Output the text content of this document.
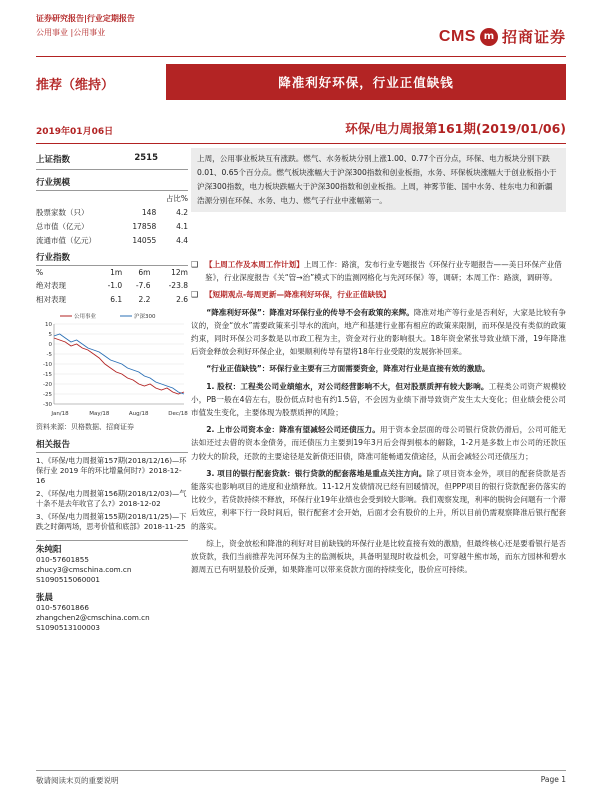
证券研究报告|行业定期报告
公用事业 |公用事业	CMS m 招商证券
推荐（维持）	降准利好环保，行业正值缺钱
2019年01月06日	环保/电力周报第161期(2019/01/06)
上证指数	2515
行业规模
		占比%
股票家数（只）	148	4.2
总市值（亿元）	17858	4.1
流通市值（亿元）	14055	4.4
行业指数
%	1m	6m	12m
绝对表现	-1.0	-7.6	-23.8
相对表现	6.1	2.2	2.6
10
5
0
-5
-10
-15
-20
-25
-30
Jan/18	May/18	Aug/18	Dec/18
公用事业	沪深300
资料来源：贝格数据、招商证券
相关报告
1、《环保/电力周报第157期(2018/12/16)—环保行业 2019 年的环比增量何时?》2018-12-16
2、《环保/电力周报第156期(2018/12/03)—气十条不是去年收官了么?》2018-12-02
3、《环保/电力周报第155期(2018/11/25)—下跌之时御两场，思考价值和底部》2018-11-25
朱纯阳
010-57601855
zhucy3@cmschina.com.cn
S1090515060001
张晨
010-57601866
zhangchen2@cmschina.com.cn
S1090513100003
上周，公用事业板块互有涨跌。燃气、水务板块分别上涨1.00、0.77个百分点，环保、电力板块分别下跌0.01、0.65个百分点。燃气板块涨幅大于沪深300指数和创业板指，水务、环保板块涨幅大于创业板指小于沪深300指数，电力板块跌幅大于沪深300指数和创业板指。上周，神雾节能、国中水务、桂东电力和新疆浩源分别在环保、水务、电力、燃气子行业中涨幅第一。
❑ 【上周工作及本周工作计划】上周工作：路演，发布行业专题报告《环保行业专题报告——美日环保产业借鉴》，行业深度报告《关“管→治”模式下的监测网格化与先河环保》等，调研；本周工作：路演，调研等。
❑ 【短期观点-每周更新—降准利好环保，行业正值缺钱】

“降准利好环保”：降准对环保行业的传导不会有政策的来辉。降准对地产等行业是否利好，大家是比较有争议的，资金“放水”需要政策来引导水的流向，地产和基建行业都有相应的政策来限制，而环保是没有类似的政策约束，同时环保公司多数是以市政工程为主，资金对行业的影响很大。18年资金紧张导致业绩下滑，19年降准后资金释放会利好环保企业，如果顺利传导有望将18年行业受限的发展弥补回来。

“行业正值缺钱”：环保行业主要有三方面需要资金，降准对行业是直接有效的激励。

1. 股权：工程类公司业绩缩水，对公司经营影响不大，但对股票质押有较大影响。工程类公司资产规模较小，PB一般在4倍左右，股份低点时也有约1.5倍，不会因为业绩下滑导致资产发生太大变化；但业绩会使公司市值发生变化，主要体现为股票质押的风险；

2. 上市公司资本金：降准有望减轻公司还债压力。用于资本金层面的母公司银行贷款仍滑后，公司可能无法如还过去借的资本金债务，而还债压力主要到19年3月后会得到根本的解除，1-2月是多数上市公司的还款压力较大的阶段，还款的主要途径是发新债还旧债，降准可能畅通发债途径，从而会减轻公司还债压力；

3. 项目的银行配套贷款：银行贷款的配套落地是重点关注方向。除了项目资本金外，项目的配套贷款是否能落实也影响项目的进度和业绩释放。11-12月发债情况已经有回暖情况，但PPP项目的银行贷款配套仍落实的比较少，若贷款持续不释放，环保行业19年业绩也会受到较大影响。我们观察发现，利率的脱钩会问题有一个滞后效应，利率下行一段时间后，银行配套才会开始，后面才会有股价的上升，所以目前仍需观察降准后银行配套的落实。

综上，资金放松和降准的利好对目前缺钱的环保行业是比较直接有效的激励，但最终核心还是要看银行是否放贷款，我们当前推荐先河环保为主的监测板块，具备明显现时收益机会，可穿越牛熊市场，而东方园林和碧水源周五已有明显股价反弹，如果降准可以带来贷款方面的持续变化，股价应可持续。

敬请阅读末页的重要说明	Page 1
